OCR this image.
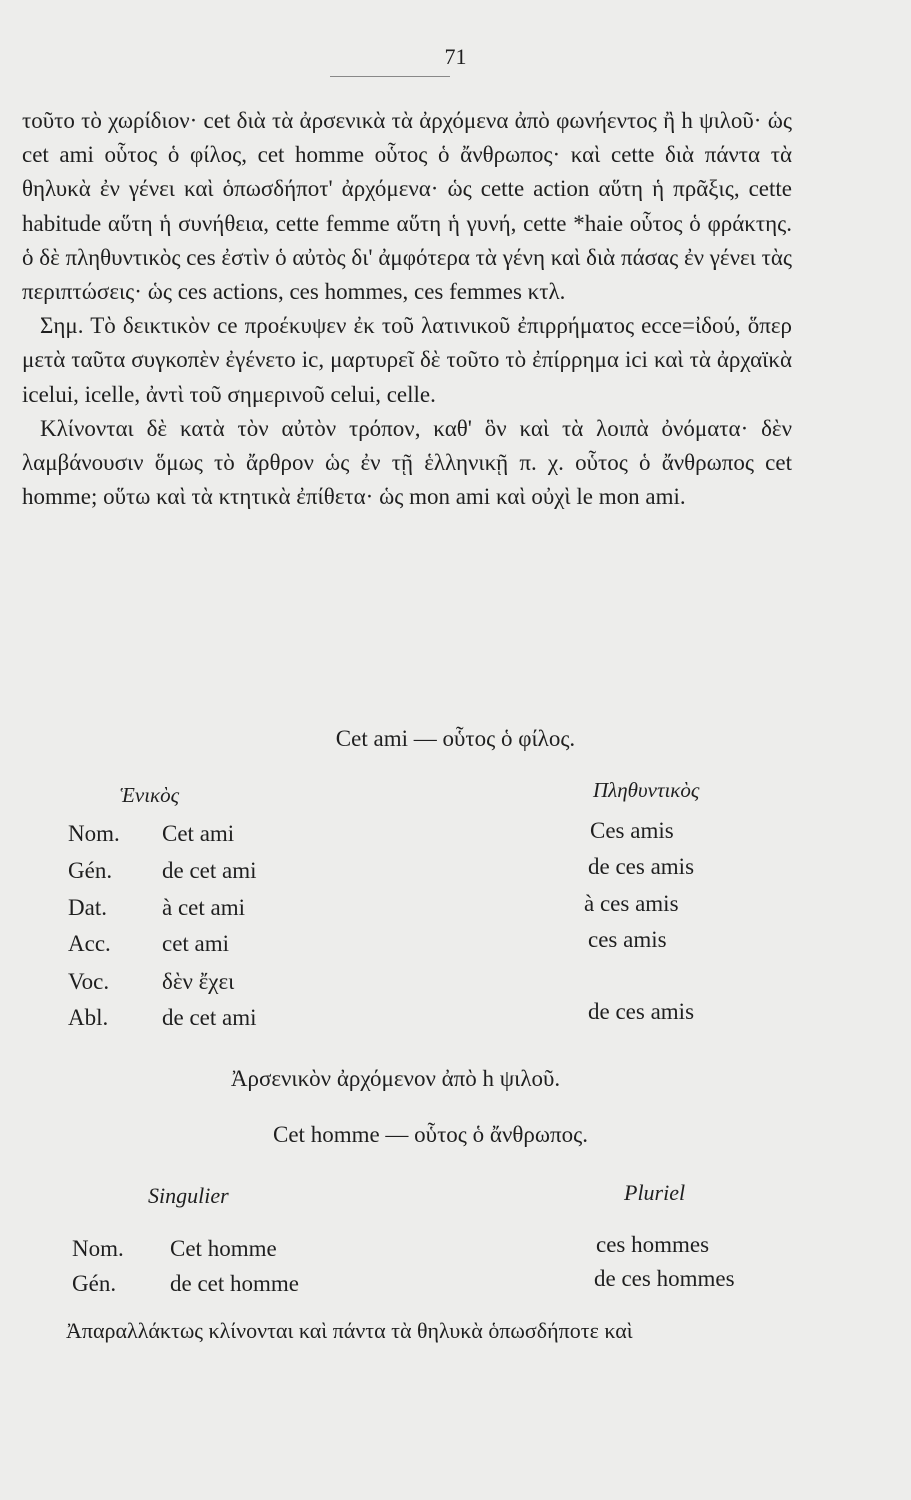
71

τοῦτο τὸ χωρίδιον· cet διὰ τὰ ἀρσενικὰ τὰ ἀρχόμενα ἀπὸ φωνήεντος ἢ h ψιλοῦ· ὡς cet ami οὗτος ὁ φίλος, cet homme οὗτος ὁ ἄνθρωπος· καὶ cette διὰ πάντα τὰ θηλυκὰ ἐν γένει καὶ ὁπωσδήποτ' ἀρχόμενα· ὡς cette action αὕτη ἡ πρᾶξις, cette habitude αὕτη ἡ συνήθεια, cette femme αὕτη ἡ γυνή, cette *haie οὗτος ὁ φράκτης. ὁ δὲ πληθυντικὸς ces ἐστὶν ὁ αὐτὸς δι' ἀμφότερα τὰ γένη καὶ διὰ πάσας ἐν γένει τὰς περιπτώσεις· ὡς ces actions, ces hommes, ces femmes κτλ.

Σημ. Τὸ δεικτικὸν ce προέκυψεν ἐκ τοῦ λατινικοῦ ἐπιρρήματος ecce=ἰδού, ὅπερ μετὰ ταῦτα συγκοπὲν ἐγένετο ic, μαρτυρεῖ δὲ τοῦτο τὸ ἐπίρρημα ici καὶ τὰ ἀρχαϊκὰ icelui, icelle, ἀντὶ τοῦ σημερινοῦ celui, celle.

Κλίνονται δὲ κατὰ τὸν αὐτὸν τρόπον, καθ' ὃν καὶ τὰ λοιπὰ ὀνόματα· δὲν λαμβάνουσιν ὅμως τὸ ἄρθρον ὡς ἐν τῇ ἑλληνικῇ π. χ. οὗτος ὁ ἄνθρωπος cet homme; οὕτω καὶ τὰ κτητικὰ ἐπίθετα· ὡς mon ami καὶ οὐχὶ le mon ami.

Cet ami — οὗτος ὁ φίλος.
Ἑνικὸς	Πληθυντικὸς
Nom. Cet ami	Ces amis
Gén. de cet ami	de ces amis
Dat. à cet ami	à ces amis
Acc. cet ami	ces amis
Voc. δὲν ἔχει
Abl. de cet ami	de ces amis
Ἀρσενικὸν ἀρχόμενον ἀπὸ h ψιλοῦ.
Cet homme — οὗτος ὁ ἄνθρωπος.
Singulier	Pluriel
Nom. Cet homme	ces hommes
Gén. de cet homme	de ces hommes
Ἀπαραλλάκτως κλίνονται καὶ πάντα τὰ θηλυκὰ ὁπωσδήποτε καὶ
